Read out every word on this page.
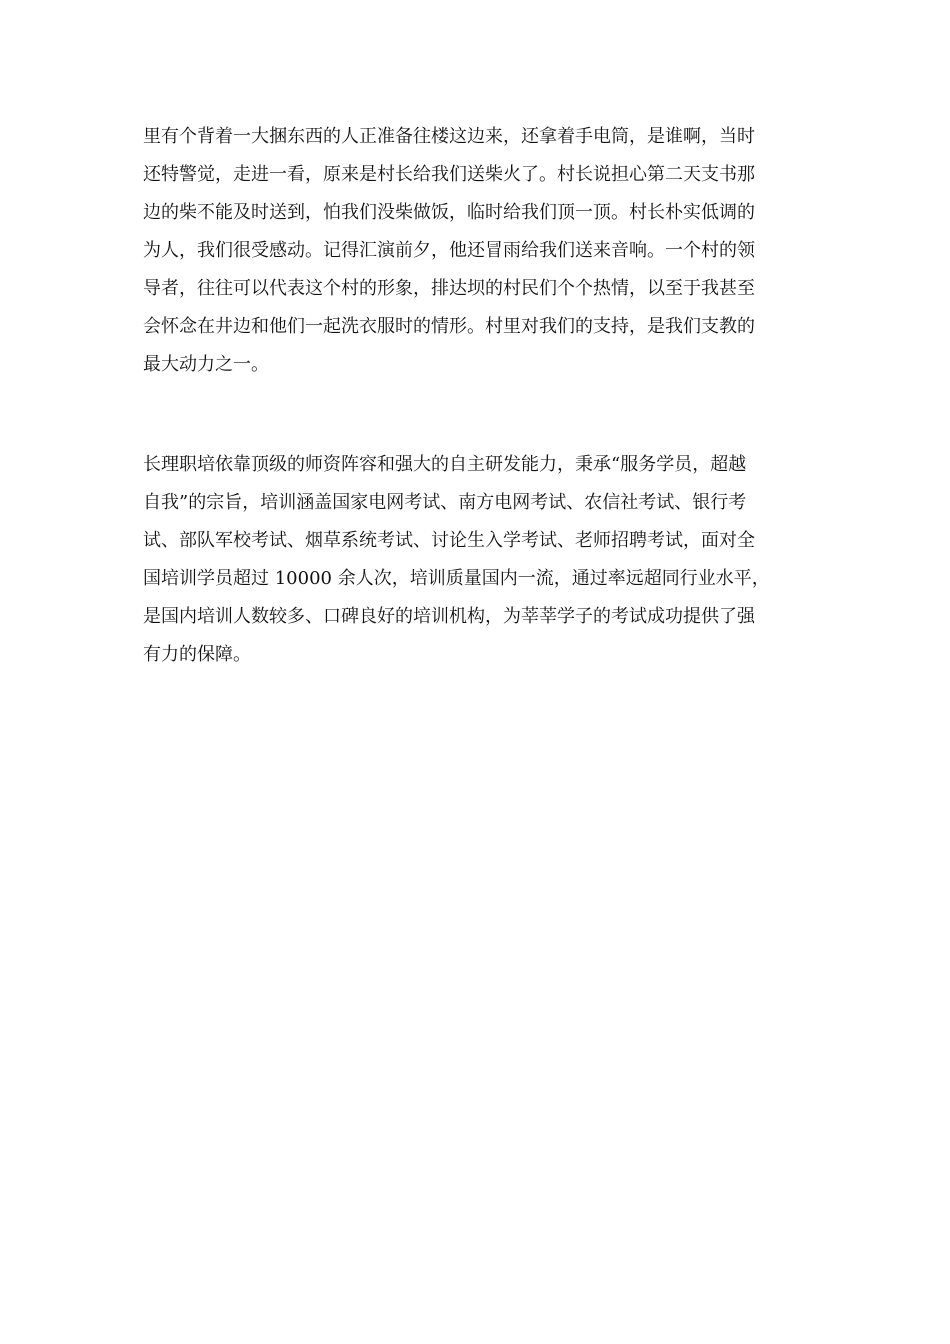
里有个背着一大捆东西的人正准备往楼这边来，还拿着手电筒，是谁啊，当时
还特警觉，走进一看，原来是村长给我们送柴火了。村长说担心第二天支书那
边的柴不能及时送到，怕我们没柴做饭，临时给我们顶一顶。村长朴实低调的
为人，我们很受感动。记得汇演前夕，他还冒雨给我们送来音响。一个村的领
导者，往往可以代表这个村的形象，排达坝的村民们个个热情，以至于我甚至
会怀念在井边和他们一起洗衣服时的情形。村里对我们的支持，是我们支教的
最大动力之一。
长理职培依靠顶级的师资阵容和强大的自主研发能力，秉承“服务学员，超越
自我”的宗旨，培训涵盖国家电网考试、南方电网考试、农信社考试、银行考
试、部队军校考试、烟草系统考试、讨论生入学考试、老师招聘考试，面对全
国培训学员超过 10000 余人次，培训质量国内一流，通过率远超同行业水平，
是国内培训人数较多、口碑良好的培训机构，为莘莘学子的考试成功提供了强
有力的保障。
